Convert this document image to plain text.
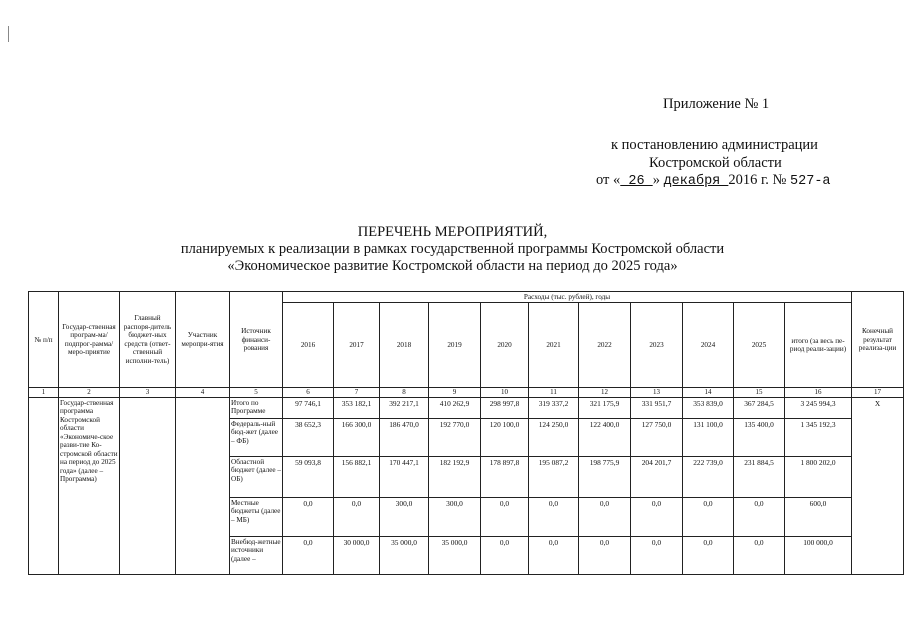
Приложение № 1
к постановлению администрации
Костромской области
от « 26 » декабря 2016 г. № 527-а
ПЕРЕЧЕНЬ МЕРОПРИЯТИЙ,
планируемых к реализации в рамках государственной программы Костромской области
«Экономическое развитие Костромской области на период до 2025 года»
№ п/п	Государ-ственная програм-ма/подпрог-рамма/меро-приятие	Главный распоря-дитель бюджет-ных средств (ответ-ственный исполни-тель)	Участник меропри-ятия	Источник финанси-рования	Расходы (тыс. рублей), годы											Конечный результат реализа-ции
					2016	2017	2018	2019	2020	2021	2022	2023	2024	2025	итого (за весь пе-риод реали-зации)	
1	2	3	4	5	6	7	8	9	10	11	12	13	14	15	16	17
	Государ-ственная программа Костромской области «Экономиче-ское разви-тие Ко-стромской области на период до 2025 года» (далее – Программа)			Итого по Программе	97 746,1	353 182,1	392 217,1	410 262,9	298 997,8	319 337,2	321 175,9	331 951,7	353 839,0	367 284,5	3 245 994,3	Х
				Федераль-ный бюд-жет (далее – ФБ)	38 652,3	166 300,0	186 470,0	192 770,0	120 100,0	124 250,0	122 400,0	127 750,0	131 100,0	135 400,0	1 345 192,3	
				Областной бюджет (далее – ОБ)	59 093,8	156 882,1	170 447,1	182 192,9	178 897,8	195 087,2	198 775,9	204 201,7	222 739,0	231 884,5	1 800 202,0	
				Местные бюджеты (далее – МБ)	0,0	0,0	300,0	300,0	0,0	0,0	0,0	0,0	0,0	0,0	600,0	
				Внебюд-жетные источники (далее –	0,0	30 000,0	35 000,0	35 000,0	0,0	0,0	0,0	0,0	0,0	0,0	100 000,0	
